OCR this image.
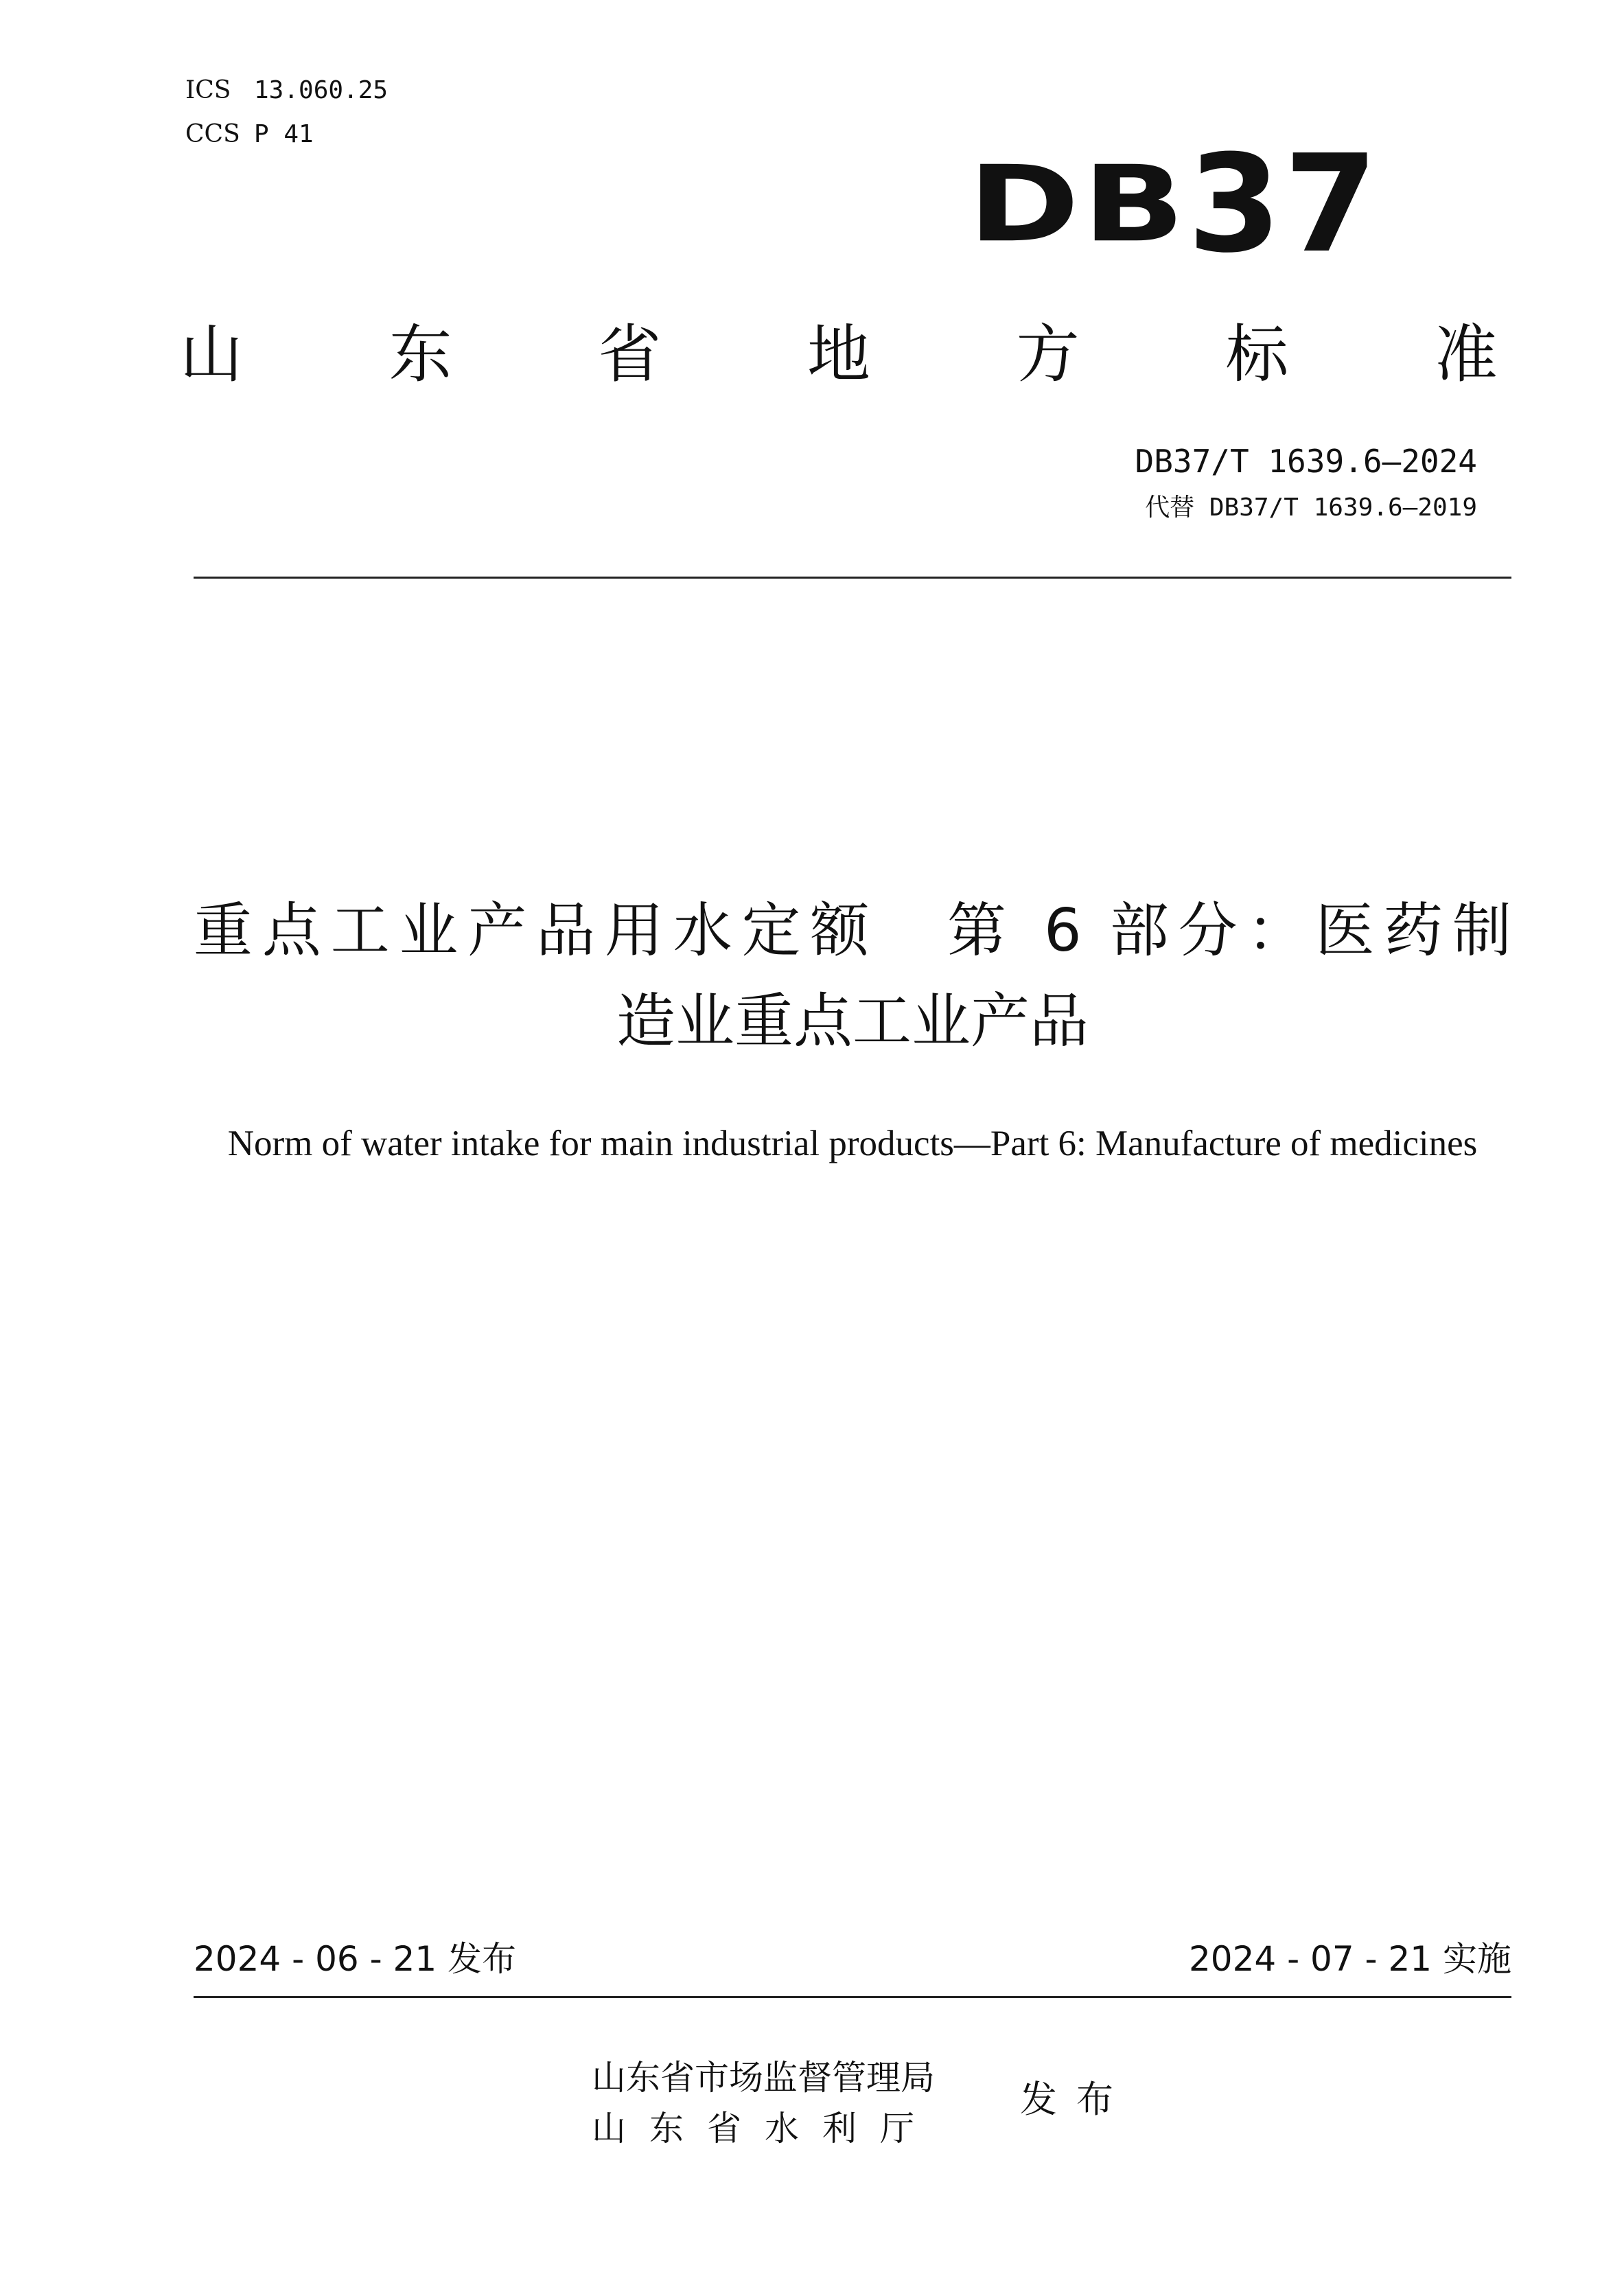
ICS 13.060.25
CCS P 41
DB37
山 东 省 地 方 标 准
DB37/T 1639.6—2024
代替 DB37/T 1639.6—2019
重点工业产品用水定额　第 6 部分：医药制
造业重点工业产品
Norm of water intake for main industrial products—Part 6: Manufacture of medicines
2024 - 06 - 21 发布	2024 - 07 - 21 实施
山东省市场监督管理局
山东省水利厅
发布
